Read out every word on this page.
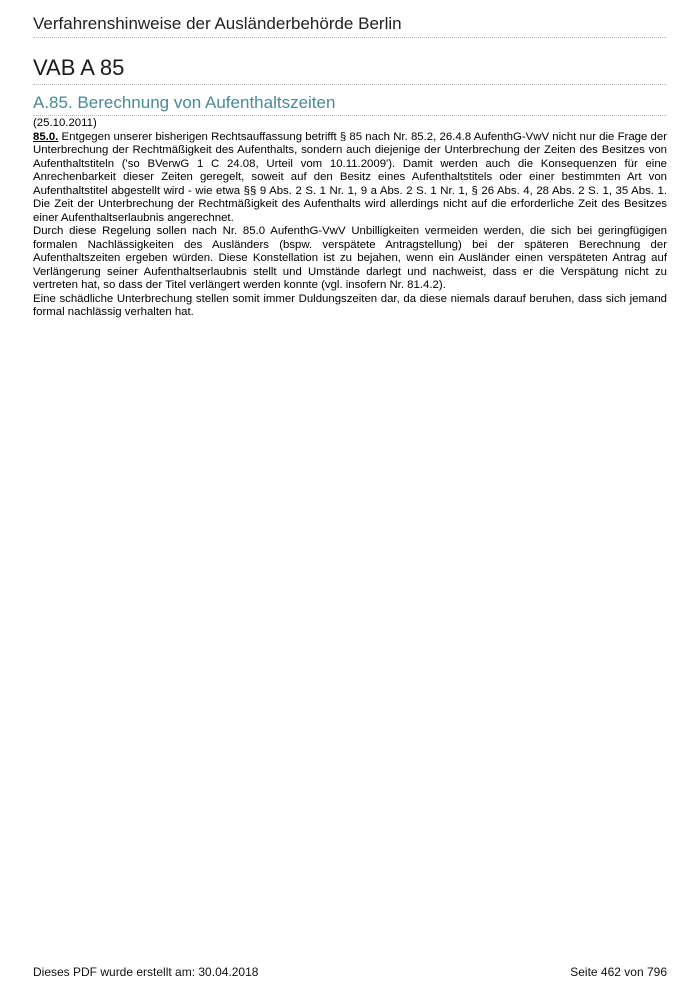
Verfahrenshinweise der Ausländerbehörde Berlin
VAB A 85
A.85. Berechnung von Aufenthaltszeiten

(25.10.2011)

85.0. Entgegen unserer bisherigen Rechtsauffassung betrifft § 85 nach Nr. 85.2, 26.4.8 AufenthG-VwV nicht nur die Frage der Unterbrechung der Rechtmäßigkeit des Aufenthalts, sondern auch diejenige der Unterbrechung der Zeiten des Besitzes von Aufenthaltstiteln ('so BVerwG 1 C 24.08, Urteil vom 10.11.2009'). Damit werden auch die Konsequenzen für eine Anrechenbarkeit dieser Zeiten geregelt, soweit auf den Besitz eines Aufenthaltstitels oder einer bestimmten Art von Aufenthaltstitel abgestellt wird - wie etwa §§ 9 Abs. 2 S. 1 Nr. 1, 9 a Abs. 2 S. 1 Nr. 1, § 26 Abs. 4, 28 Abs. 2 S. 1, 35 Abs. 1. Die Zeit der Unterbrechung der Rechtmäßigkeit des Aufenthalts wird allerdings nicht auf die erforderliche Zeit des Besitzes einer Aufenthaltserlaubnis angerechnet.

Durch diese Regelung sollen nach Nr. 85.0 AufenthG-VwV Unbilligkeiten vermeiden werden, die sich bei geringfügigen formalen Nachlässigkeiten des Ausländers (bspw. verspätete Antragstellung) bei der späteren Berechnung der Aufenthaltszeiten ergeben würden. Diese Konstellation ist zu bejahen, wenn ein Ausländer einen verspäteten Antrag auf Verlängerung seiner Aufenthaltserlaubnis stellt und Umstände darlegt und nachweist, dass er die Verspätung nicht zu vertreten hat, so dass der Titel verlängert werden konnte (vgl. insofern Nr. 81.4.2).

Eine schädliche Unterbrechung stellen somit immer Duldungszeiten dar, da diese niemals darauf beruhen, dass sich jemand formal nachlässig verhalten hat.

Dieses PDF wurde erstellt am: 30.04.2018	Seite 462 von 796
